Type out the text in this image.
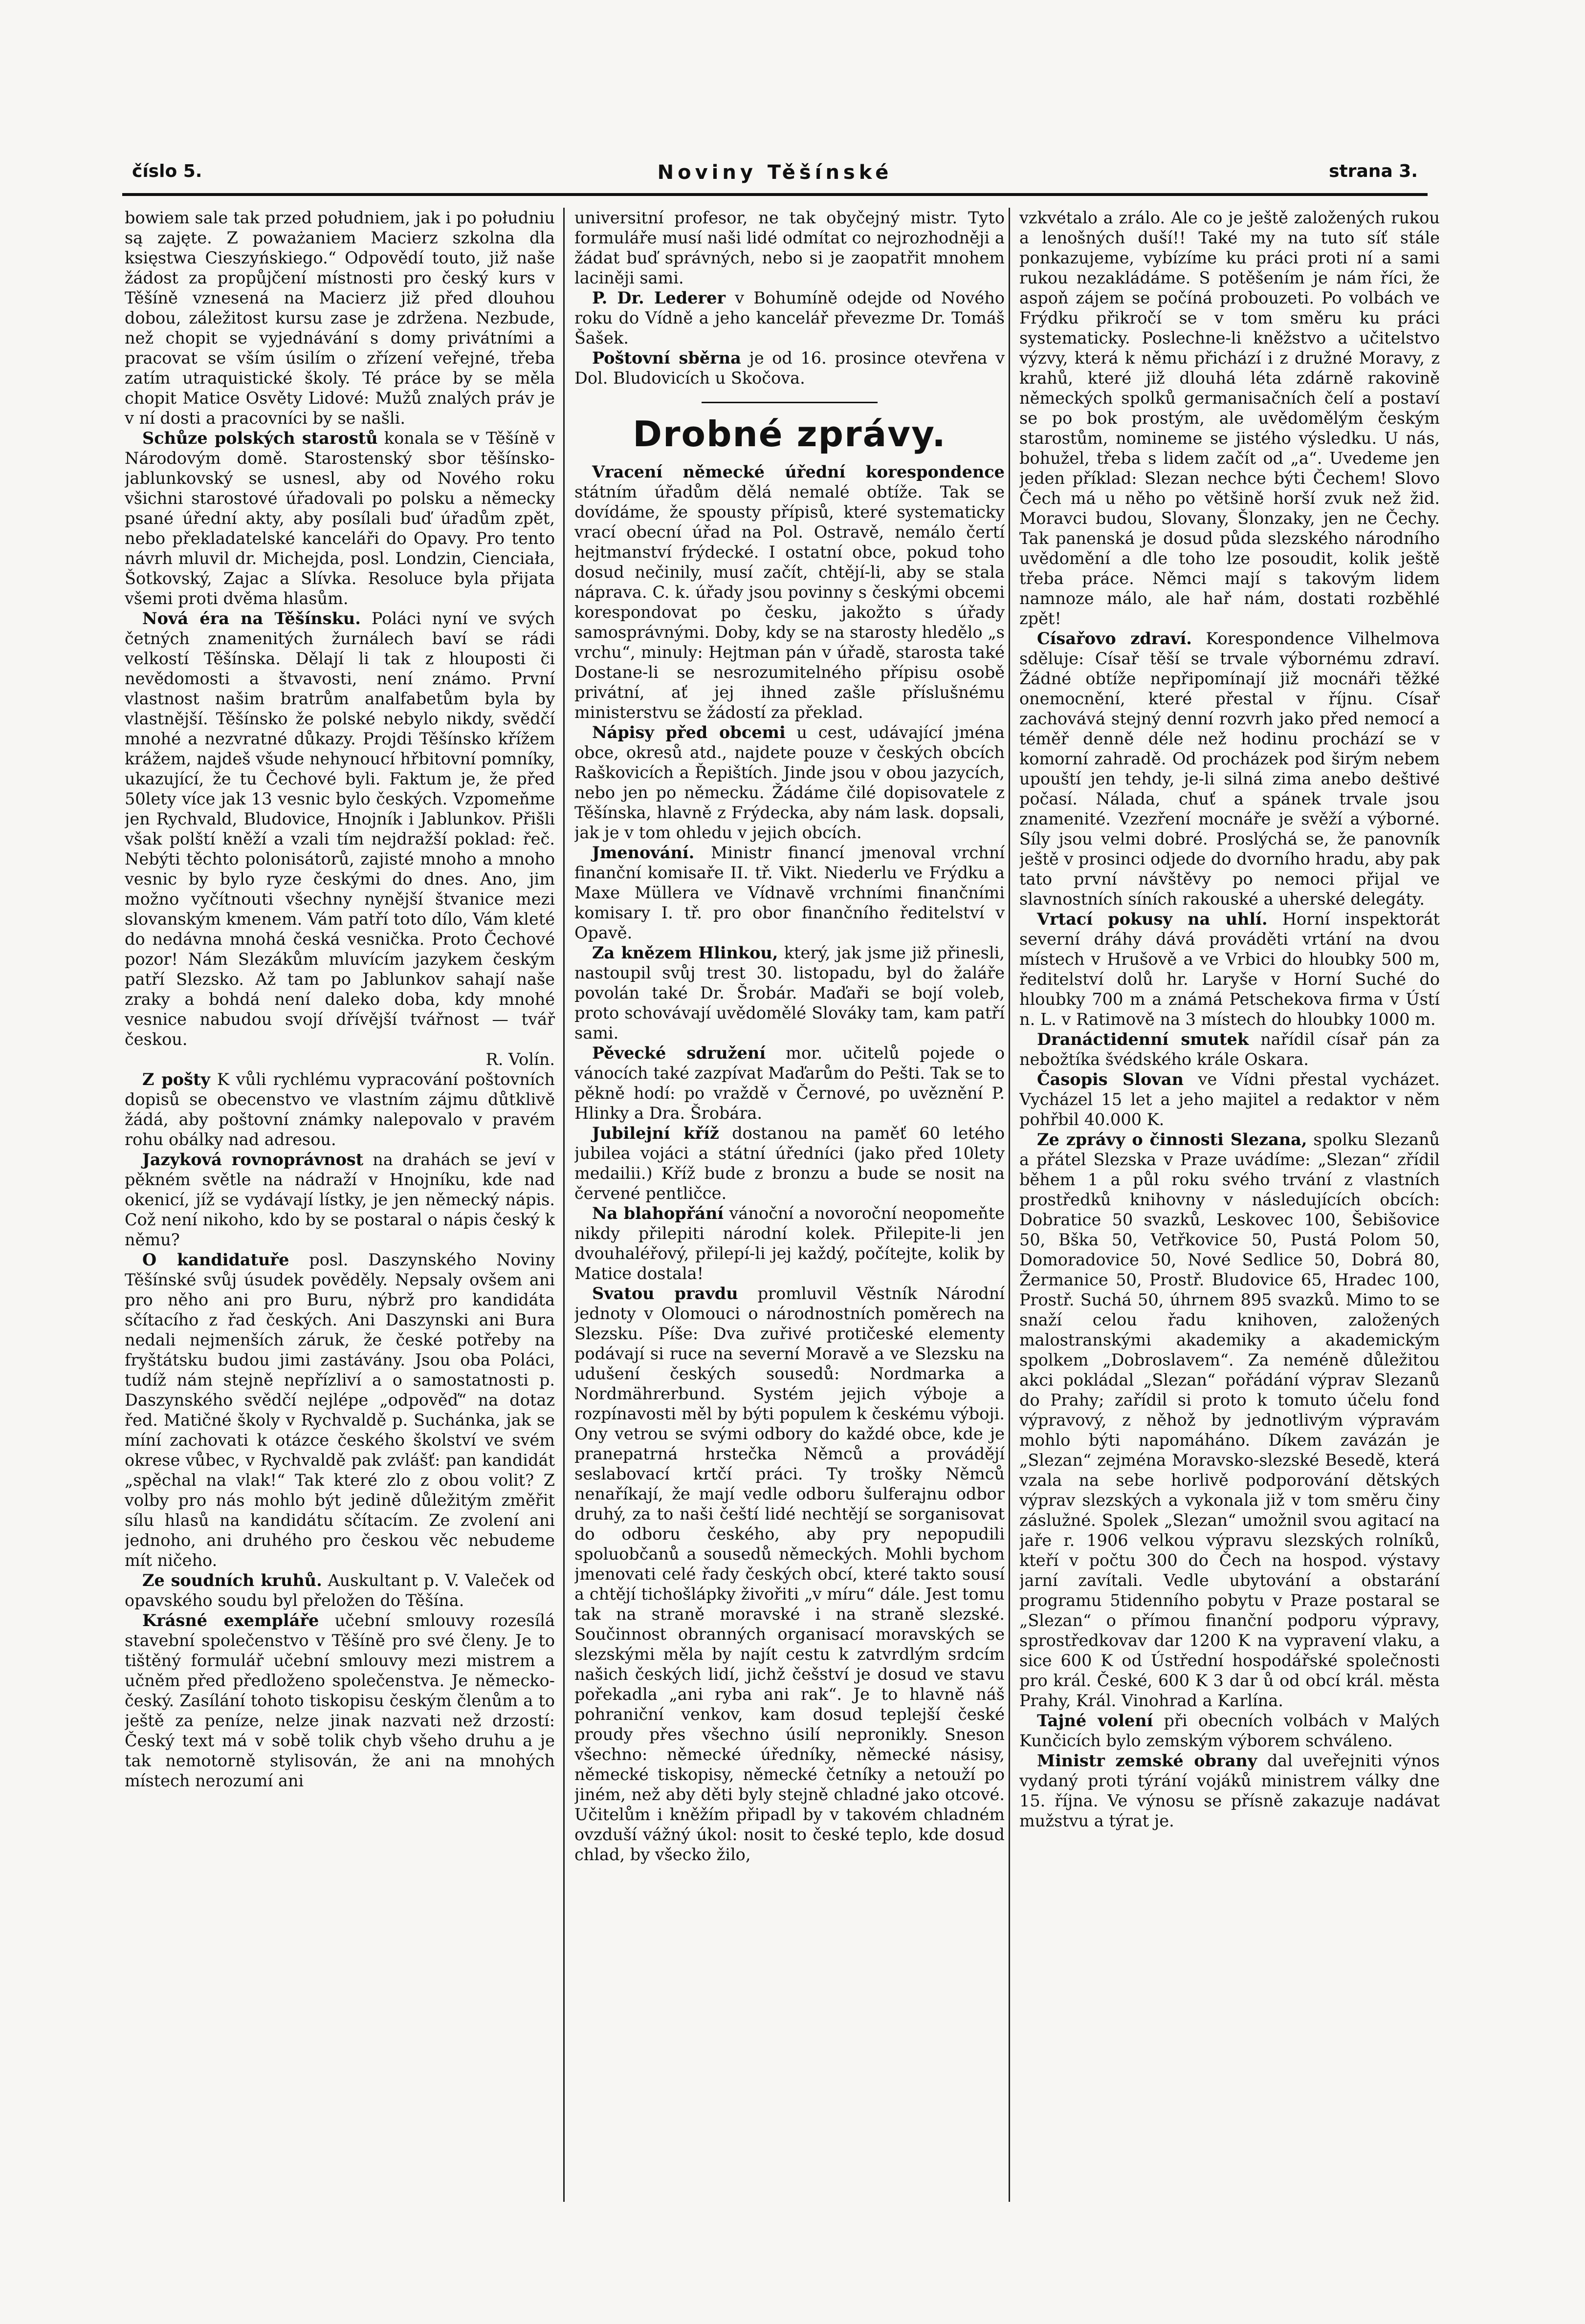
číslo 5.	Noviny Těšínské	strana 3.

bowiem sale tak przed południem, jak i po południu są zajęte. Z poważaniem Macierz szkolna dla księstwa Cieszyńskiego.“ Odpovědí touto, již naše žádost za propůjčení místnosti pro český kurs v Těšíně vznesená na Macierz již před dlouhou dobou, záležitost kursu zase je zdržena. Nezbude, než chopit se vyjednávání s domy privátními a pracovat se vším úsilím o zřízení veřejné, třeba zatím utraquistické školy. Té práce by se měla chopit Matice Osvěty Lidové: Mužů znalých práv je v ní dosti a pracovníci by se našli.

Schůze polských starostů konala se v Těšíně v Národovým domě. Starostenský sbor těšínsko-jablunkovský se usnesl, aby od Nového roku všichni starostové úřadovali po polsku a německy psané úřední akty, aby posílali buď úřadům zpět, nebo překladatelské kanceláři do Opavy. Pro tento návrh mluvil dr. Michejda, posl. Londzin, Cienciała, Šotkovský, Zajac a Slívka. Resoluce byla přijata všemi proti dvěma hlasům.

Nová éra na Těšínsku. Poláci nyní ve svých četných znamenitých žurnálech baví se rádi velkostí Těšínska. Dělají li tak z hlouposti či nevědomosti a štvavosti, není známo. První vlastnost našim bratrům analfabetům byla by vlastnější. Těšínsko že polské nebylo nikdy, svědčí mnohé a nezvratné důkazy. Projdi Těšínsko křížem krážem, najdeš všude nehynoucí hřbitovní pomníky, ukazující, že tu Čechové byli. Faktum je, že před 50lety více jak 13 vesnic bylo českých. Vzpomeňme jen Rychvald, Bludovice, Hnojník i Jablunkov. Přišli však polští kněží a vzali tím nejdražší poklad: řeč. Nebýti těchto polonisátorů, zajisté mnoho a mnoho vesnic by bylo ryze českými do dnes. Ano, jim možno vyčítnouti všechny nynější štvanice mezi slovanským kmenem. Vám patří toto dílo, Vám kleté do nedávna mnohá česká vesnička. Proto Čechové pozor! Nám Slezákům mluvícím jazykem českým patří Slezsko. Až tam po Jablunkov sahají naše zraky a bohdá není daleko doba, kdy mnohé vesnice nabudou svojí dřívější tvářnost — tvář českou.

R. Volín.

Z pošty K vůli rychlému vypracování poštovních dopisů se obecenstvo ve vlastním zájmu důtklivě žádá, aby poštovní známky nalepovalo v pravém rohu obálky nad adresou.

Jazyková rovnoprávnost na drahách se jeví v pěkném světle na nádraží v Hnojníku, kde nad okenicí, jíž se vydávají lístky, je jen německý nápis. Což není nikoho, kdo by se postaral o nápis český k němu?

O kandidatuře posl. Daszynského Noviny Těšínské svůj úsudek pověděly. Nepsaly ovšem ani pro něho ani pro Buru, nýbrž pro kandidáta sčítacího z řad českých. Ani Daszynski ani Bura nedali nejmenších záruk, že české potřeby na fryštátsku budou jimi zastávány. Jsou oba Poláci, tudíž nám stejně nepřízliví a o samostatnosti p. Daszynského svědčí nejlépe „odpověď“ na dotaz řed. Matičné školy v Rychvaldě p. Suchánka, jak se míní zachovati k otázce českého školství ve svém okrese vůbec, v Rychvaldě pak zvlášť: pan kandidát „spěchal na vlak!“ Tak které zlo z obou volit? Z volby pro nás mohlo být jedině důležitým změřit sílu hlasů na kandidátu sčítacím. Ze zvolení ani jednoho, ani druhého pro českou věc nebudeme mít ničeho.

Ze soudních kruhů. Auskultant p. V. Valeček od opavského soudu byl přeložen do Těšína.

Krásné exempláře učební smlouvy rozesílá stavební společenstvo v Těšíně pro své členy. Je to tištěný formulář učební smlouvy mezi mistrem a učněm před předloženo společenstva. Je německo-český. Zasílání tohoto tiskopisu českým členům a to ještě za peníze, nelze jinak nazvati než drzostí: Český text má v sobě tolik chyb všeho druhu a je tak nemotorně stylisován, že ani na mnohých místech nerozumí ani

universitní profesor, ne tak obyčejný mistr. Tyto formuláře musí naši lidé odmítat co nejrozhodněji a žádat buď správných, nebo si je zaopatřit mnohem laciněji sami.

P. Dr. Lederer v Bohumíně odejde od Nového roku do Vídně a jeho kancelář převezme Dr. Tomáš Šašek.

Poštovní sběrna je od 16. prosince otevřena v Dol. Bludovicích u Skočova.

Drobné zprávy.

Vracení německé úřední korespondence státním úřadům dělá nemalé obtíže. Tak se dovídáme, že spousty přípisů, které systematicky vrací obecní úřad na Pol. Ostravě, nemálo čertí hejtmanství frýdecké. I ostatní obce, pokud toho dosud nečinily, musí začít, chtějí-li, aby se stala náprava. C. k. úřady jsou povinny s českými obcemi korespondovat po česku, jakožto s úřady samosprávnými. Doby, kdy se na starosty hledělo „s vrchu“, minuly: Hejtman pán v úřadě, starosta také Dostane-li se nesrozumitelného přípisu osobě privátní, ať jej ihned zašle příslušnému ministerstvu se žádostí za překlad.

Nápisy před obcemi u cest, udávající jména obce, okresů atd., najdete pouze v českých obcích Raškovicích a Řepištích. Jinde jsou v obou jazycích, nebo jen po německu. Žádáme čilé dopisovatele z Těšínska, hlavně z Frýdecka, aby nám lask. dopsali, jak je v tom ohledu v jejich obcích.

Jmenování. Ministr financí jmenoval vrchní finanční komisaře II. tř. Vikt. Niederlu ve Frýdku a Maxe Müllera ve Vídnavě vrchními finančními komisary I. tř. pro obor finančního ředitelství v Opavě.

Za knězem Hlinkou, který, jak jsme již přinesli, nastoupil svůj trest 30. listopadu, byl do žaláře povolán také Dr. Šrobár. Maďaři se bojí voleb, proto schovávají uvědomělé Slováky tam, kam patří sami.

Pěvecké sdružení mor. učitelů pojede o vánocích také zazpívat Maďarům do Pešti. Tak se to pěkně hodí: po vraždě v Černové, po uvěznění P. Hlinky a Dra. Šrobára.

Jubilejní kříž dostanou na paměť 60 letého jubilea vojáci a státní úředníci (jako před 10lety medailii.) Kříž bude z bronzu a bude se nosit na červené pentličce.

Na blahopřání vánoční a novoroční neopomeňte nikdy přilepiti národní kolek. Přilepite-li jen dvouhaléřový, přilepí-li jej každý, počítejte, kolik by Matice dostala!

Svatou pravdu promluvil Věstník Národní jednoty v Olomouci o národnostních poměrech na Slezsku. Píše: Dva zuřivé protičeské elementy podávají si ruce na severní Moravě a ve Slezsku na udušení českých sousedů: Nordmarka a Nordmährerbund. Systém jejich výboje a rozpínavosti měl by býti populem k českému výboji. Ony vetrou se svými odbory do každé obce, kde je pranepatrná hrstečka Němců a provádějí seslabovací krtčí práci. Ty trošky Němců nenaříkají, že mají vedle odboru šulferajnu odbor druhý, za to naši čeští lidé nechtějí se sorganisovat do odboru českého, aby pry nepopudili spoluobčanů a sousedů německých. Mohli bychom jmenovati celé řady českých obcí, které takto sousí a chtějí tichošlápky živořiti „v míru“ dále. Jest tomu tak na straně moravské i na straně slezské. Součinnost obranných organisací moravských se slezskými měla by najít cestu k zatvrdlým srdcím našich českých lidí, jichž češství je dosud ve stavu pořekadla „ani ryba ani rak“. Je to hlavně náš pohraniční venkov, kam dosud teplejší české proudy přes všechno úsilí nepronikly. Sneson všechno: německé úředníky, německé násisy, německé tiskopisy, německé četníky a netouží po jiném, než aby děti byly stejně chladné jako otcové. Učitelům i kněžím připadl by v takovém chladném ovzduší vážný úkol: nosit to české teplo, kde dosud chlad, by všecko žilo,

vzkvétalo a zrálo. Ale co je ještě založených rukou a lenošných duší!! Také my na tuto síť stále ponkazujeme, vybízíme ku práci proti ní a sami rukou nezakládáme. S potěšením je nám říci, že aspoň zájem se počíná probouzeti. Po volbách ve Frýdku přikročí se v tom směru ku práci systematicky. Poslechne-li kněžstvo a učitelstvo výzvy, která k němu přichází i z družné Moravy, z krahů, které již dlouhá léta zdárně rakovině německých spolků germanisačních čelí a postaví se po bok prostým, ale uvědomělým českým starostům, nomineme se jistého výsledku. U nás, bohužel, třeba s lidem začít od „a“. Uvedeme jen jeden příklad: Slezan nechce býti Čechem! Slovo Čech má u něho po většině horší zvuk než žid. Moravci budou, Slovany, Šlonzaky, jen ne Čechy. Tak panenská je dosud půda slezského národního uvědomění a dle toho lze posoudit, kolik ještě třeba práce. Němci mají s takovým lidem namnoze málo, ale hař nám, dostati rozběhlé zpět!

Císařovo zdraví. Korespondence Vilhelmova sděluje: Císař těší se trvale výbornému zdraví. Žádné obtíže nepřipomínají již mocnáři těžké onemocnění, které přestal v říjnu. Císař zachovává stejný denní rozvrh jako před nemocí a téměř denně déle než hodinu prochází se v komorní zahradě. Od procházek pod širým nebem upouští jen tehdy, je-li silná zima anebo deštivé počasí. Nálada, chuť a spánek trvale jsou znamenité. Vzezření mocnáře je svěží a výborné. Síly jsou velmi dobré. Proslýchá se, že panovník ještě v prosinci odjede do dvorního hradu, aby pak tato první návštěvy po nemoci přijal ve slavnostních síních rakouské a uherské delegáty.

Vrtací pokusy na uhlí. Horní inspektorát severní dráhy dává prováděti vrtání na dvou místech v Hrušově a ve Vrbici do hloubky 500 m, ředitelství dolů hr. Laryše v Horní Suché do hloubky 700 m a známá Petschekova firma v Ústí n. L. v Ratimově na 3 místech do hloubky 1000 m.

Dranáctidenní smutek nařídil císař pán za nebožtíka švédského krále Oskara.

Časopis Slovan ve Vídni přestal vycházet. Vycházel 15 let a jeho majitel a redaktor v něm pohřbil 40.000 K.

Ze zprávy o činnosti Slezana, spolku Slezanů a přátel Slezska v Praze uvádíme: „Slezan“ zřídil během 1 a půl roku svého trvání z vlastních prostředků knihovny v následujících obcích: Dobratice 50 svazků, Leskovec 100, Šebišovice 50, Bška 50, Vetřkovice 50, Pustá Polom 50, Domoradovice 50, Nové Sedlice 50, Dobrá 80, Žermanice 50, Prostř. Bludovice 65, Hradec 100, Prostř. Suchá 50, úhrnem 895 svazků. Mimo to se snaží celou řadu knihoven, založených malostranskými akademiky a akademickým spolkem „Dobroslavem“. Za neméně důležitou akci pokládal „Slezan“ pořádání výprav Slezanů do Prahy; zařídil si proto k tomuto účelu fond výpravový, z něhož by jednotlivým výpravám mohlo býti napomáháno. Díkem zavázán je „Slezan“ zejména Moravsko-slezské Besedě, která vzala na sebe horlivě podporování dětských výprav slezských a vykonala již v tom směru činy záslužné. Spolek „Slezan“ umožnil svou agitací na jaře r. 1906 velkou výpravu slezských rolníků, kteří v počtu 300 do Čech na hospod. výstavy jarní zavítali. Vedle ubytování a obstarání programu 5tidenního pobytu v Praze postaral se „Slezan“ o přímou finanční podporu výpravy, sprostředkovav dar 1200 K na vypravení vlaku, a sice 600 K od Ústřední hospodářské společnosti pro král. České, 600 K 3 dar ů od obcí král. města Prahy, Král. Vinohrad a Karlína.

Tajné volení při obecních volbách v Malých Kunčicích bylo zemským výborem schváleno.

Ministr zemské obrany dal uveřejniti výnos vydaný proti týrání vojáků ministrem války dne 15. října. Ve výnosu se přísně zakazuje nadávat mužstvu a týrat je.
